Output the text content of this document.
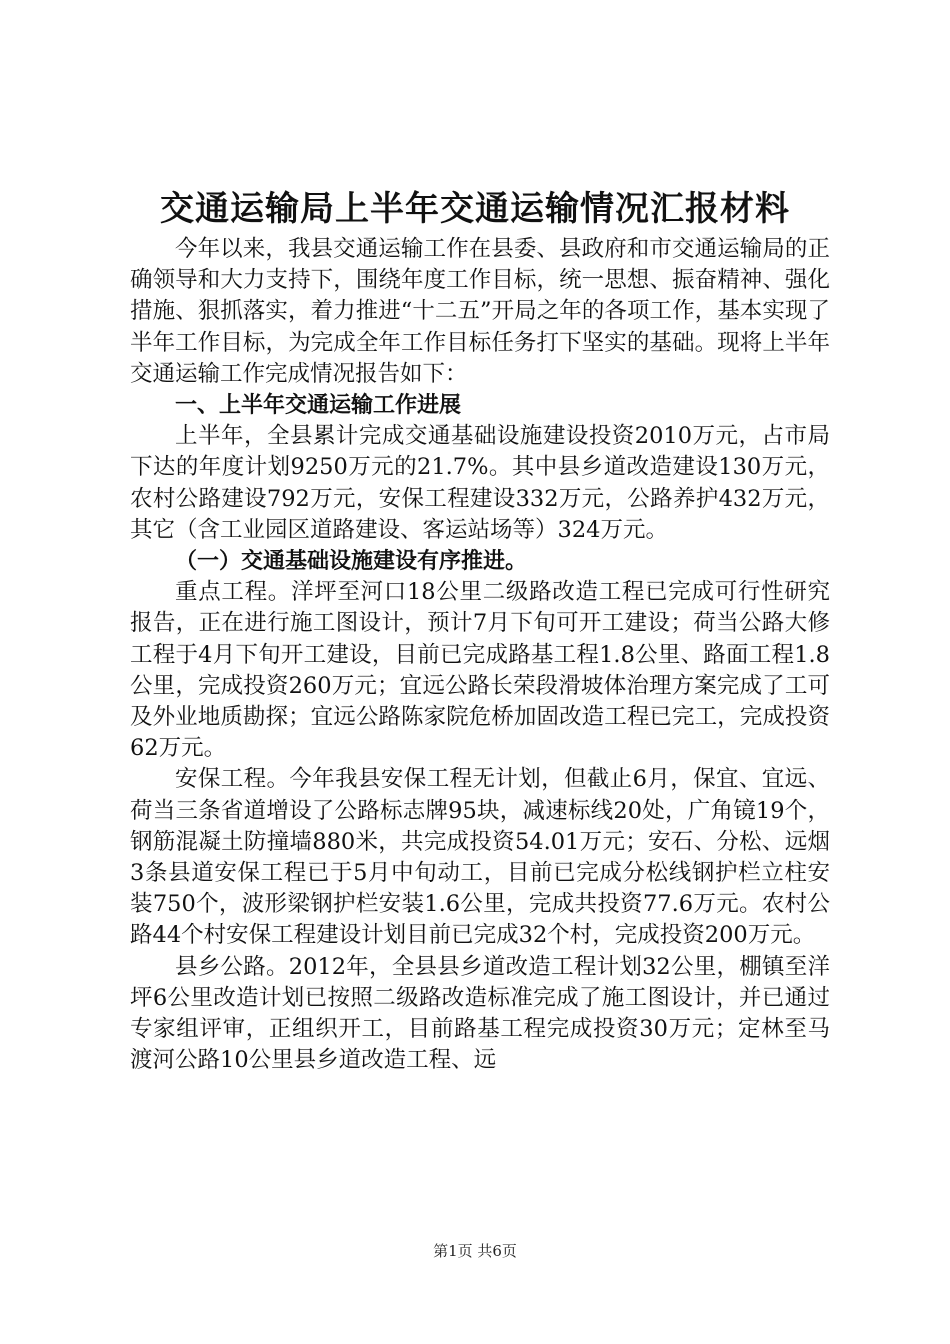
交通运输局上半年交通运输情况汇报材料

今年以来，我县交通运输工作在县委、县政府和市交通运输局的正确领导和大力支持下，围绕年度工作目标，统一思想、振奋精神、强化措施、狠抓落实，着力推进“十二五”开局之年的各项工作，基本实现了半年工作目标，为完成全年工作目标任务打下坚实的基础。现将上半年交通运输工作完成情况报告如下：

一、上半年交通运输工作进展

上半年，全县累计完成交通基础设施建设投资2010万元，占市局下达的年度计划9250万元的21.7%。其中县乡道改造建设130万元，农村公路建设792万元，安保工程建设332万元，公路养护432万元，其它（含工业园区道路建设、客运站场等）324万元。

（一）交通基础设施建设有序推进。

重点工程。洋坪至河口18公里二级路改造工程已完成可行性研究报告，正在进行施工图设计，预计7月下旬可开工建设；荷当公路大修工程于4月下旬开工建设，目前已完成路基工程1.8公里、路面工程1.8公里，完成投资260万元；宜远公路长荣段滑坡体治理方案完成了工可及外业地质勘探；宜远公路陈家院危桥加固改造工程已完工，完成投资62万元。

安保工程。今年我县安保工程无计划，但截止6月，保宜、宜远、荷当三条省道增设了公路标志牌95块，减速标线20处，广角镜19个，钢筋混凝土防撞墙880米，共完成投资54.01万元；安石、分松、远烟3条县道安保工程已于5月中旬动工，目前已完成分松线钢护栏立柱安装750个，波形梁钢护栏安装1.6公里，完成共投资77.6万元。农村公路44个村安保工程建设计划目前已完成32个村，完成投资200万元。

县乡公路。2012年，全县县乡道改造工程计划32公里，棚镇至洋坪6公里改造计划已按照二级路改造标准完成了施工图设计，并已通过专家组评审，正组织开工，目前路基工程完成投资30万元；定林至马渡河公路10公里县乡道改造工程、远

第1页 共6页
